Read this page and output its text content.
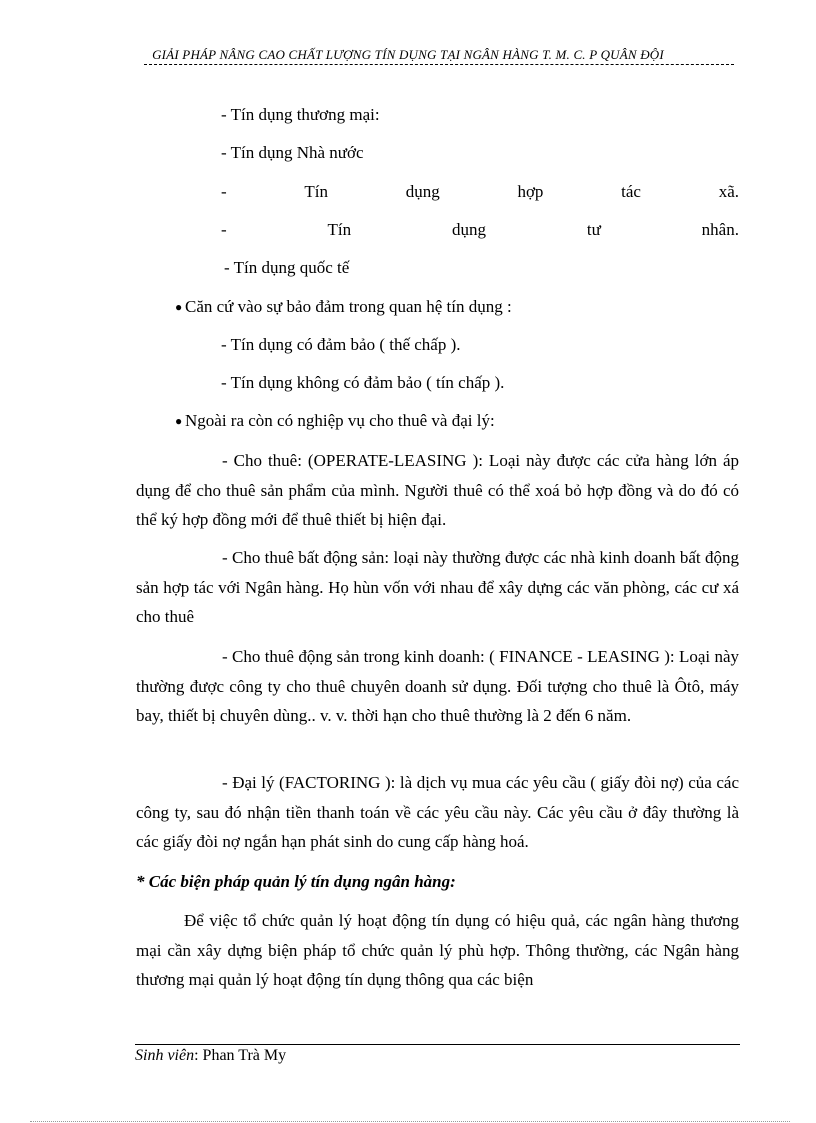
GIẢI PHÁP NÂNG CAO CHẤT LƯỢNG TÍN DỤNG TẠI NGÂN HÀNG T. M. C. P QUÂN ĐỘI
- Tín dụng thương mại:
- Tín dụng Nhà nước
-	Tín	dụng	hợp	tác	xã.
-	Tín	dụng	tư	nhân.
- Tín dụng quốc tế
● Căn cứ vào sự bảo đảm trong quan hệ tín dụng :
- Tín dụng có đảm bảo ( thế chấp ).
- Tín dụng không có đảm bảo ( tín chấp ).
● Ngoài ra còn có nghiệp vụ cho thuê và đại lý:
- Cho thuê: (OPERATE-LEASING ): Loại này được các cửa hàng lớn áp dụng để cho thuê sản phẩm của mình. Người thuê có thể xoá bỏ hợp đồng và do đó có thể ký hợp đồng mới để thuê thiết bị hiện đại.
- Cho thuê bất động sản: loại này thường được các nhà kinh doanh bất động sản hợp tác với Ngân hàng. Họ hùn vốn với nhau để xây dựng các văn phòng, các cư xá cho thuê
- Cho thuê động sản trong kinh doanh: ( FINANCE - LEASING ): Loại này thường được công ty cho thuê chuyên doanh sử dụng. Đối tượng cho thuê là Ôtô, máy bay, thiết bị chuyên dùng.. v. v. thời hạn cho thuê thường là 2 đến 6 năm.
- Đại lý (FACTORING ): là dịch vụ mua các yêu cầu ( giấy đòi nợ) của các công ty, sau đó nhận tiền thanh toán về các yêu cầu này. Các yêu cầu ở đây thường là các giấy đòi nợ ngắn hạn phát sinh do cung cấp hàng hoá.
* Các biện pháp quản lý tín dụng ngân hàng:
Để việc tổ chức quản lý hoạt động tín dụng có hiệu quả, các ngân hàng thương mại cần xây dựng biện pháp tổ chức quản lý phù hợp. Thông thường, các Ngân hàng thương mại quản lý hoạt động tín dụng thông qua các biện
Sinh viên: Phan Trà My
